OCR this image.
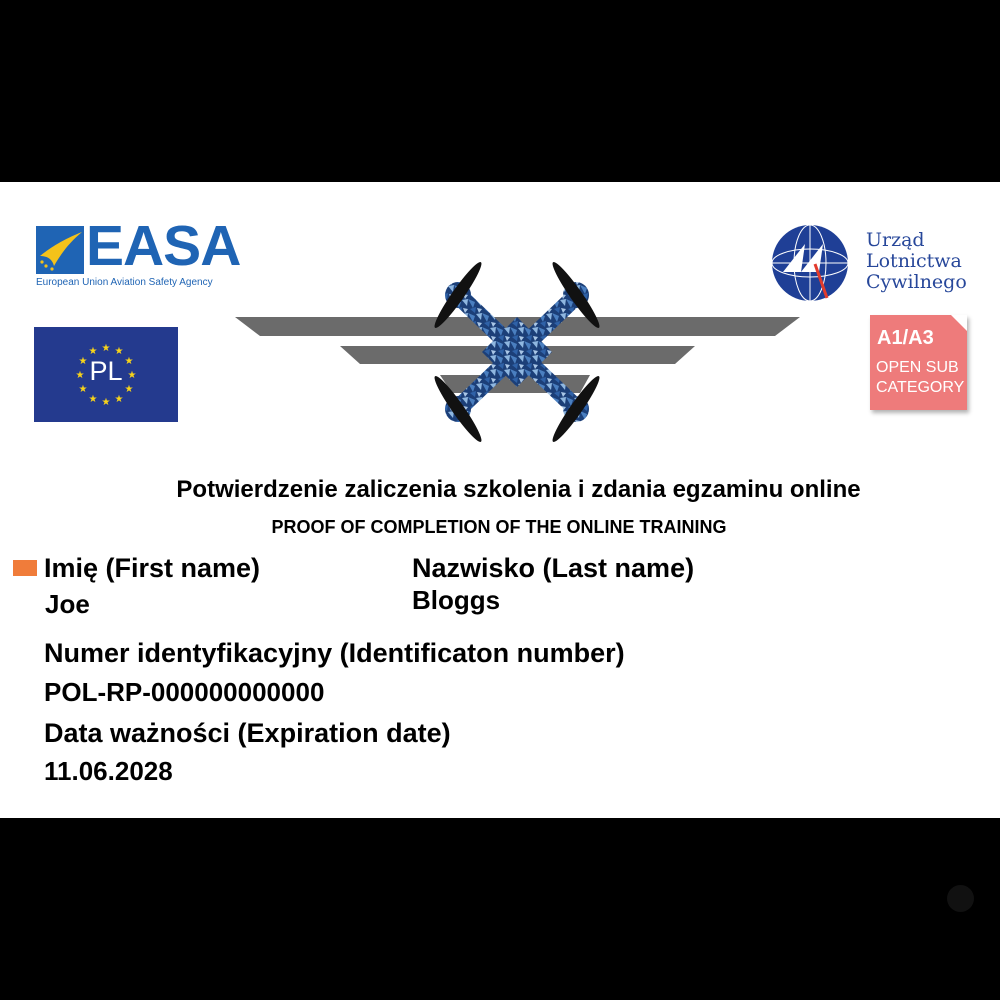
EASA
European Union Aviation Safety Agency
★ ★
★
★
★
★
★
★
★
★
★
★
PL
Urząd
Lotnictwa
Cywilnego
A1/A3
OPEN SUB
CATEGORY
Potwierdzenie zaliczenia szkolenia i zdania egzaminu online
PROOF OF COMPLETION OF THE ONLINE TRAINING
Imię (First name)
Joe
Nazwisko (Last name)
Bloggs
Numer identyfikacyjny (Identificaton number)
POL-RP-000000000000
Data ważności (Expiration date)
11.06.2028
